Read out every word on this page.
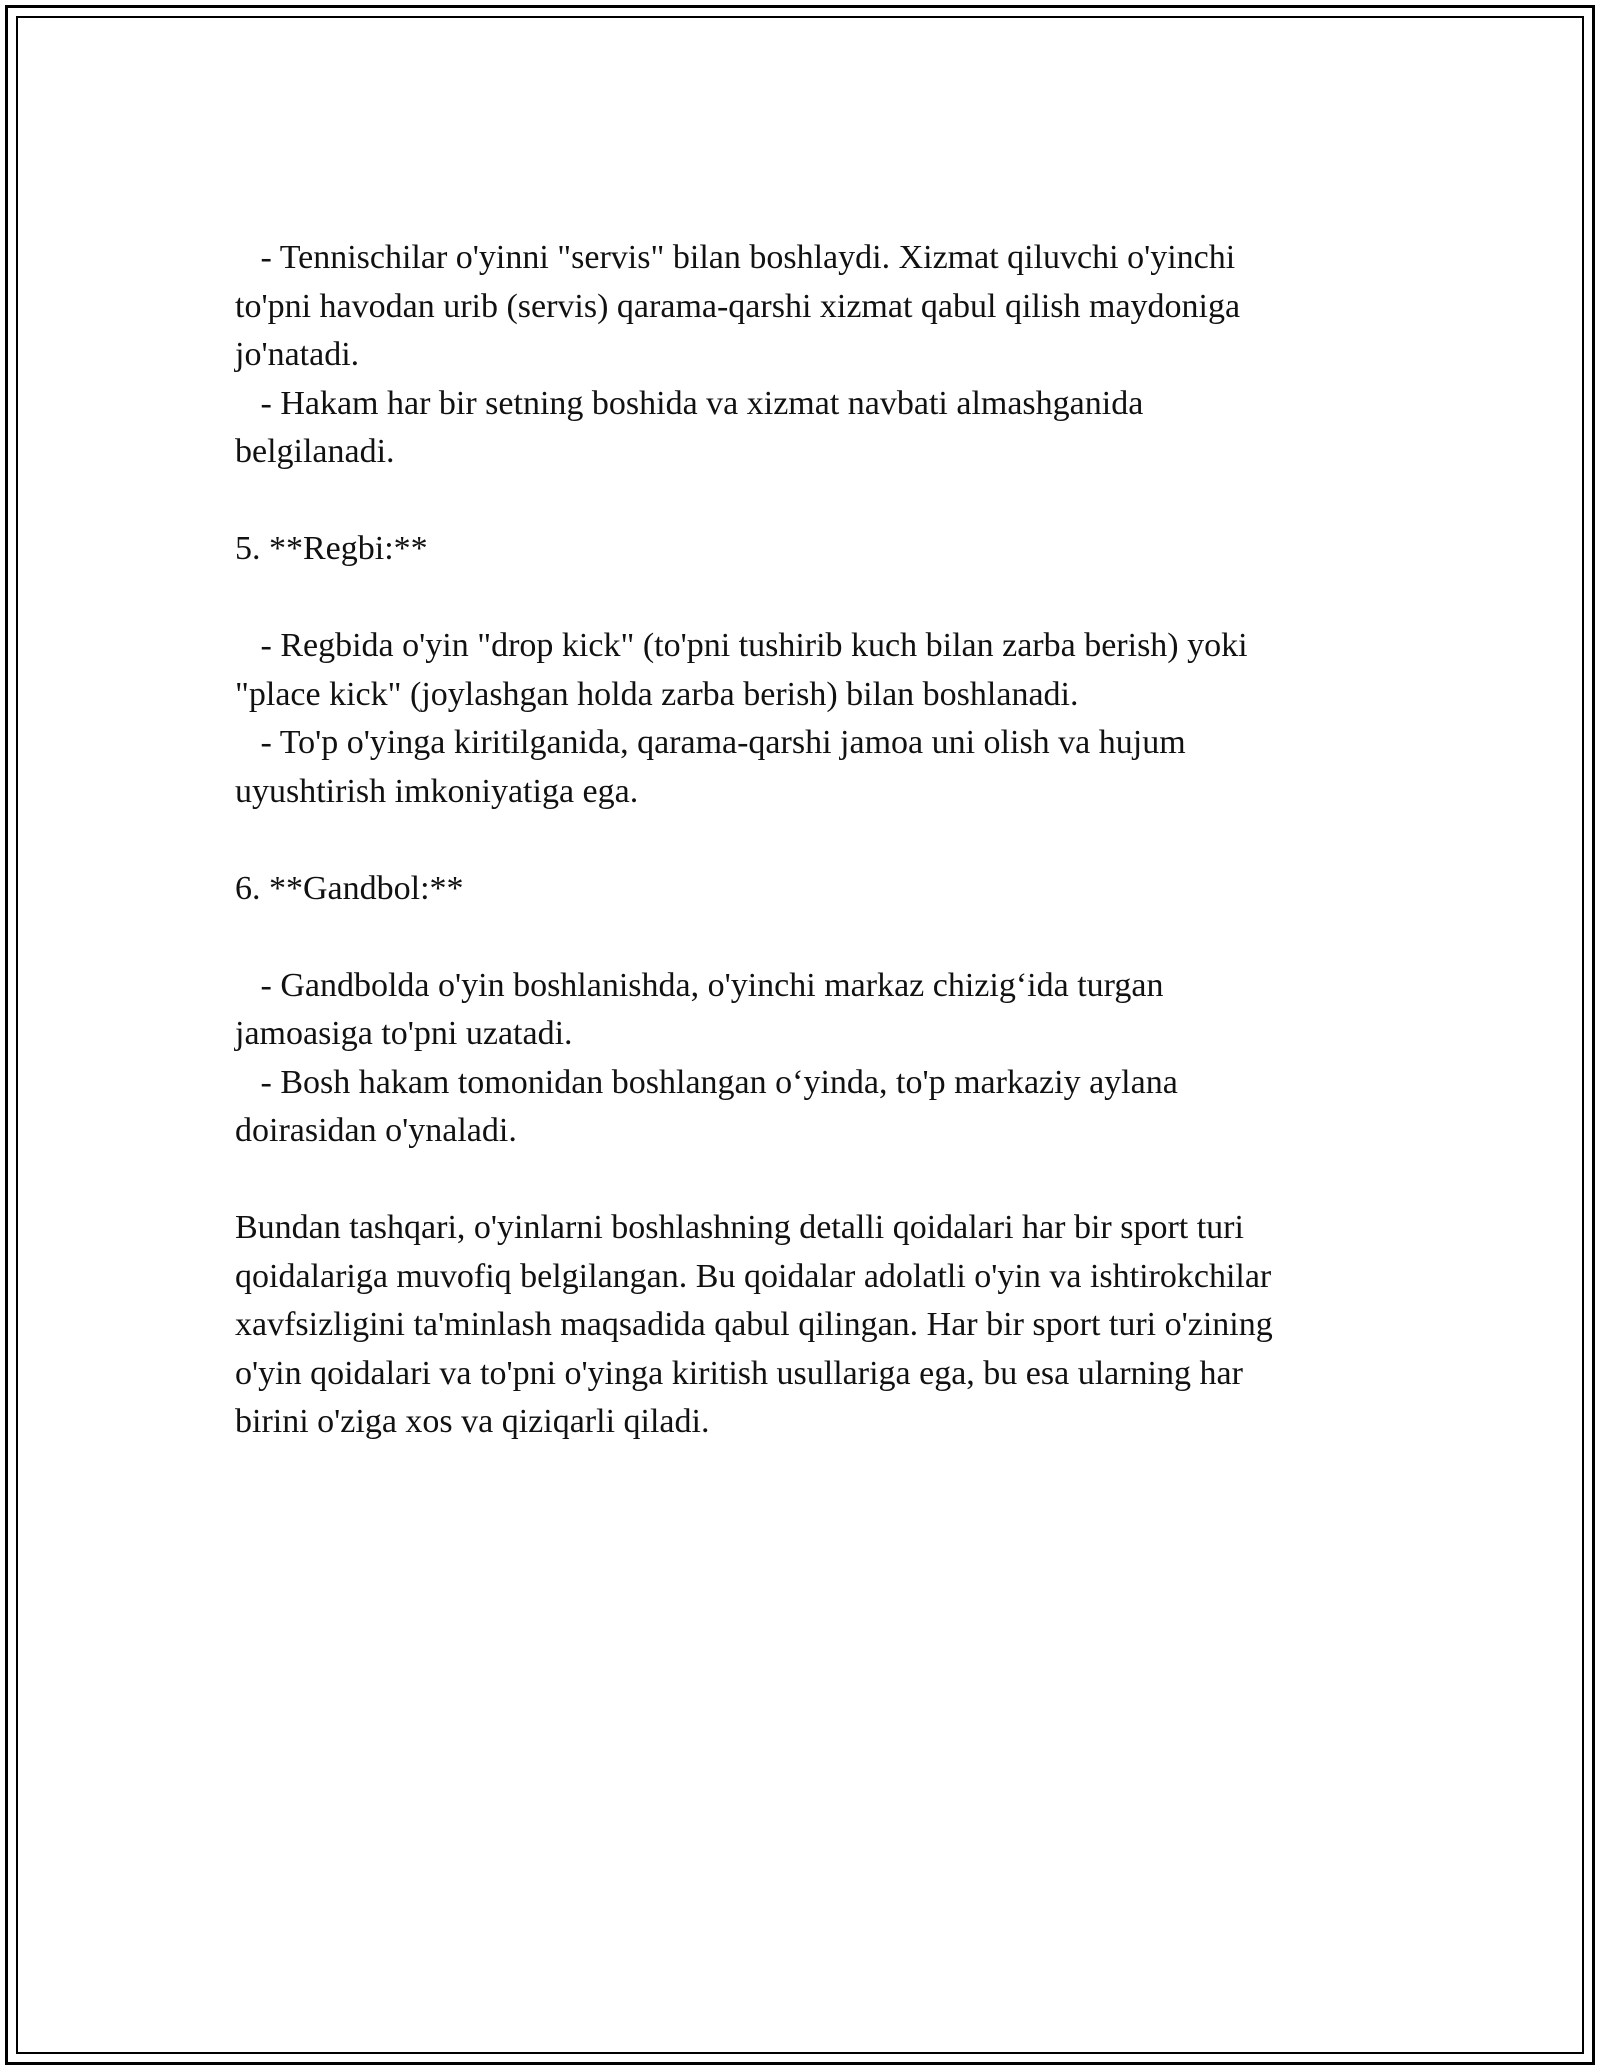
- Tennischilar o'yinni "servis" bilan boshlaydi. Xizmat qiluvchi o'yinchi

to'pni havodan urib (servis) qarama-qarshi xizmat qabul qilish maydoniga

jo'natadi.

- Hakam har bir setning boshida va xizmat navbati almashganida

belgilanadi.

5. **Regbi:**

- Regbida o'yin "drop kick" (to'pni tushirib kuch bilan zarba berish) yoki

"place kick" (joylashgan holda zarba berish) bilan boshlanadi.

- To'p o'yinga kiritilganida, qarama-qarshi jamoa uni olish va hujum

uyushtirish imkoniyatiga ega.

6. **Gandbol:**

- Gandbolda o'yin boshlanishda, o'yinchi markaz chizig‘ida turgan

jamoasiga to'pni uzatadi.

- Bosh hakam tomonidan boshlangan o‘yinda, to'p markaziy aylana

doirasidan o'ynaladi.

Bundan tashqari, o'yinlarni boshlashning detalli qoidalari har bir sport turi

qoidalariga muvofiq belgilangan. Bu qoidalar adolatli o'yin va ishtirokchilar

xavfsizligini ta'minlash maqsadida qabul qilingan. Har bir sport turi o'zining

o'yin qoidalari va to'pni o'yinga kiritish usullariga ega, bu esa ularning har

birini o'ziga xos va qiziqarli qiladi.
